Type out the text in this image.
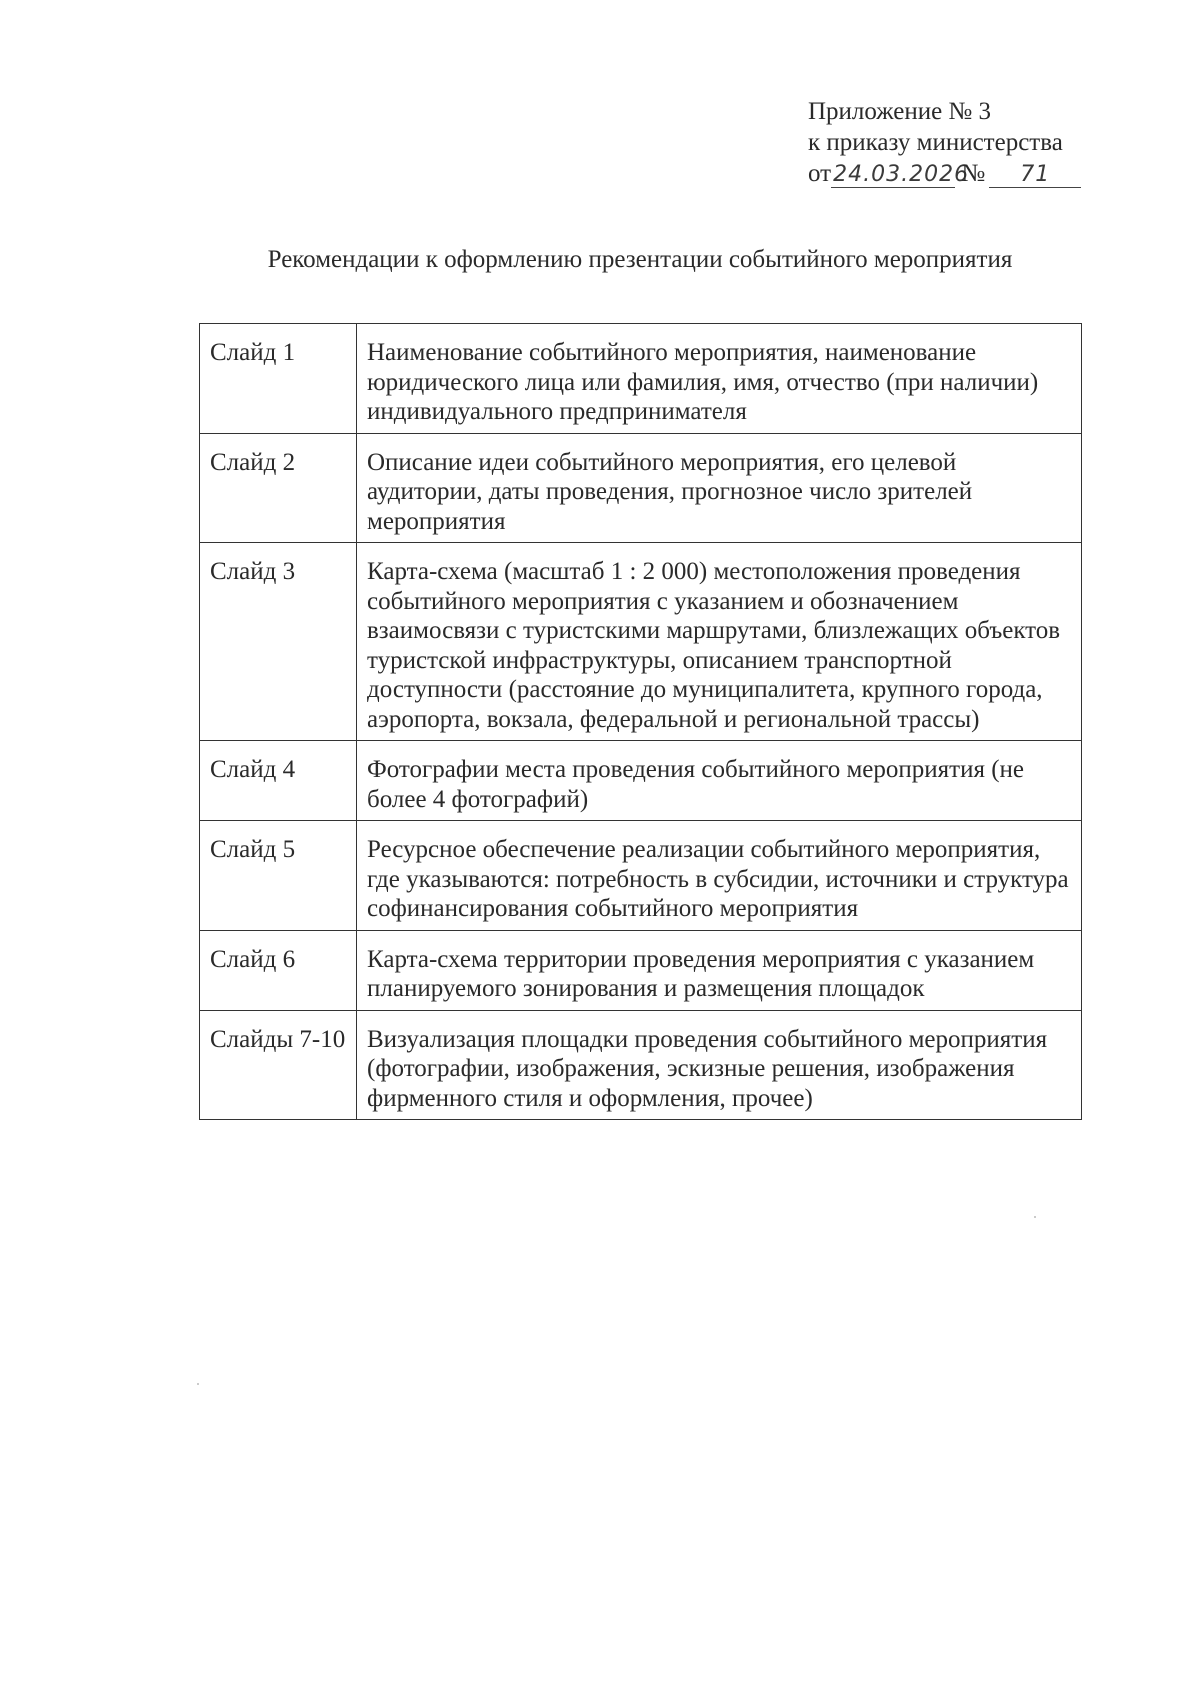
Приложение № 3
к приказу министерства
от24.03.2026 № 71
Рекомендации к оформлению презентации событийного мероприятия
Слайд 1	Наименование событийного мероприятия, наименование юридического лица или фамилия, имя, отчество (при наличии) индивидуального предпринимателя
Слайд 2	Описание идеи событийного мероприятия, его целевой аудитории, даты проведения, прогнозное число зрителей мероприятия
Слайд 3	Карта-схема (масштаб 1 : 2 000) местоположения проведения событийного мероприятия с указанием и обозначением взаимосвязи с туристскими маршрутами, близлежащих объектов туристской инфраструктуры, описанием транспортной доступности (расстояние до муниципалитета, крупного города, аэропорта, вокзала, федеральной и региональной трассы)
Слайд 4	Фотографии места проведения событийного мероприятия (не более 4 фотографий)
Слайд 5	Ресурсное обеспечение реализации событийного мероприятия, где указываются: потребность в субсидии, источники и структура софинансирования событийного мероприятия
Слайд 6	Карта-схема территории проведения мероприятия с указанием планируемого зонирования и размещения площадок
Слайды 7-10	Визуализация площадки проведения событийного мероприятия (фотографии, изображения, эскизные решения, изображения фирменного стиля и оформления, прочее)
